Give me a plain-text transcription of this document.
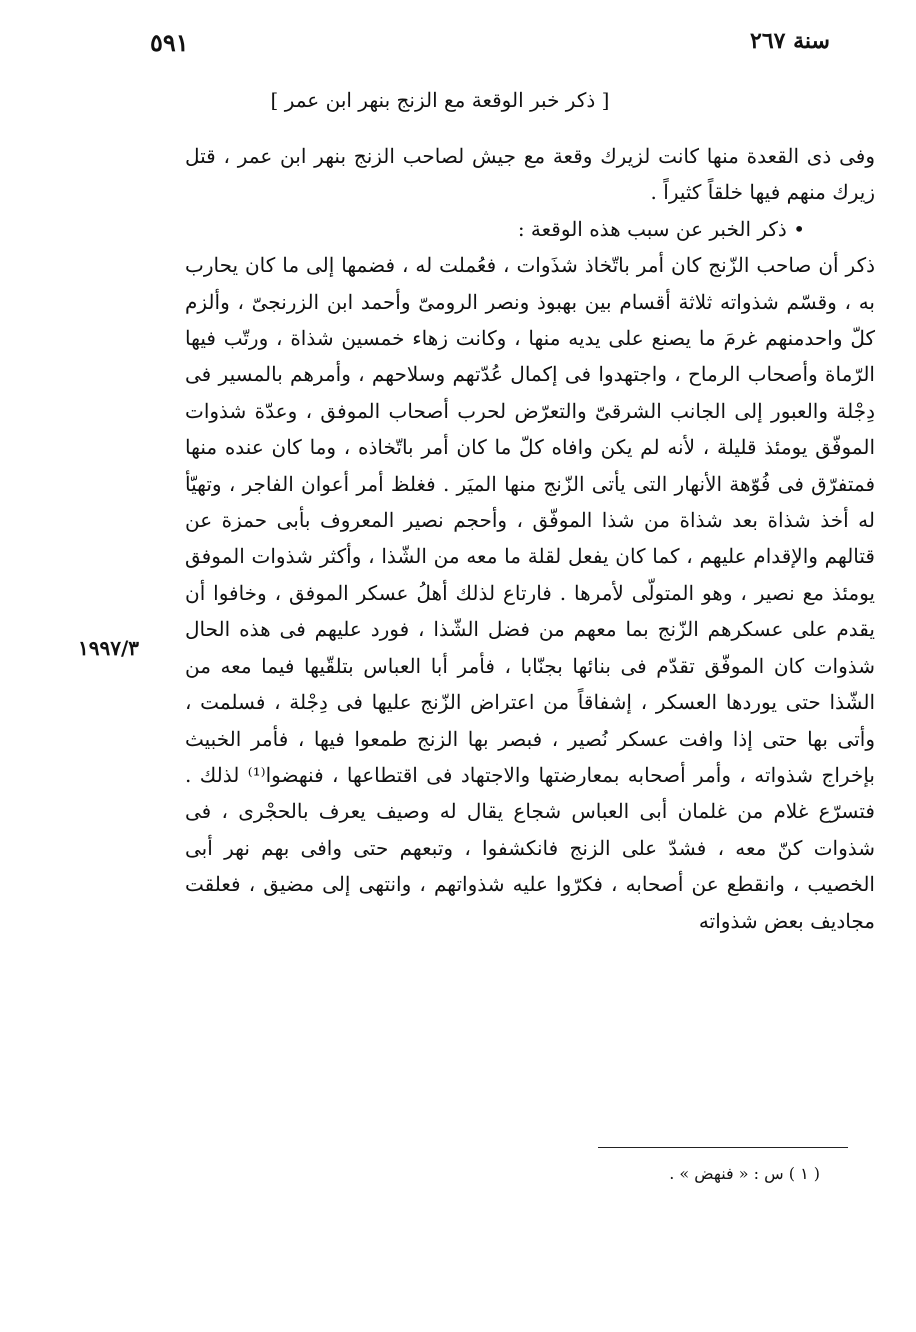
سنة ٢٦٧
٥٩١
[ ذكر خبر الوقعة مع الزنج بنهر ابن عمر ]

وفى ذى القعدة منها كانت لزيرك وقعة مع جيش لصاحب الزنج بنهر ابن عمر ، قتل زيرك منهم فيها خلقاً كثيراً .

• ذكر الخبر عن سبب هذه الوقعة :

ذكر أن صاحب الزّنج كان أمر باتّخاذ شذَوات ، فعُملت له ، فضمها إلى ما كان يحارب به ، وقسّم شذواته ثلاثة أقسام بين بهبوذ ونصر الرومىّ وأحمد ابن الزرنجىّ ، وألزم كلّ واحدمنهم غرمَ ما يصنع على يديه منها ، وكانت زهاء خمسين شذاة ، ورتّب فيها الرّماة وأصحاب الرماح ، واجتهدوا فى إكمال عُدّتهم وسلاحهم ، وأمرهم بالمسير فى دِجْلة والعبور إلى الجانب الشرقىّ والتعرّض لحرب أصحاب الموفق ، وعدّة شذوات الموفّق يومئذ قليلة ، لأنه لم يكن وافاه كلّ ما كان أمر باتّخاذه ، وما كان عنده منها فمتفرّق فى فُوّهة الأنهار التى يأتى الزّنج منها الميَر . فغلظ أمر أعوان الفاجر ، وتهيّأ له أخذ شذاة بعد شذاة من شذا الموفّق ، وأحجم نصير المعروف بأبى حمزة عن قتالهم والإقدام عليهم ، كما كان يفعل لقلة ما معه من الشّذا ، وأكثر شذوات الموفق يومئذ مع نصير ، وهو المتولّى لأمرها . فارتاع لذلك أهلُ عسكر الموفق ، وخافوا أن يقدم على عسكرهم الزّنج بما معهم من فضل الشّذا ، فورد عليهم فى هذه الحال شذوات كان الموفّق تقدّم فى بنائها بجنّابا ، فأمر أبا العباس بتلقّيها فيما معه من الشّذا حتى يوردها العسكر ، إشفاقاً من اعتراض الزّنج عليها فى دِجْلة ، فسلمت ، وأتى بها حتى إذا وافت عسكر نُصير ، فبصر بها الزنج طمعوا فيها ، فأمر الخبيث بإخراج شذواته ، وأمر أصحابه بمعارضتها والاجتهاد فى اقتطاعها ، فنهضوا⁽¹⁾ لذلك . فتسرّع غلام من غلمان أبى العباس شجاع يقال له وصيف يعرف بالحجْرى ، فى شذوات كنّ معه ، فشدّ على الزنج فانكشفوا ، وتبعهم حتى وافى بهم نهر أبى الخصيب ، وانقطع عن أصحابه ، فكرّوا عليه شذواتهم ، وانتهى إلى مضيق ، فعلقت مجاديف بعض شذواته

١٩٩٧/٣
( ١ ) س : « فنهض » .
